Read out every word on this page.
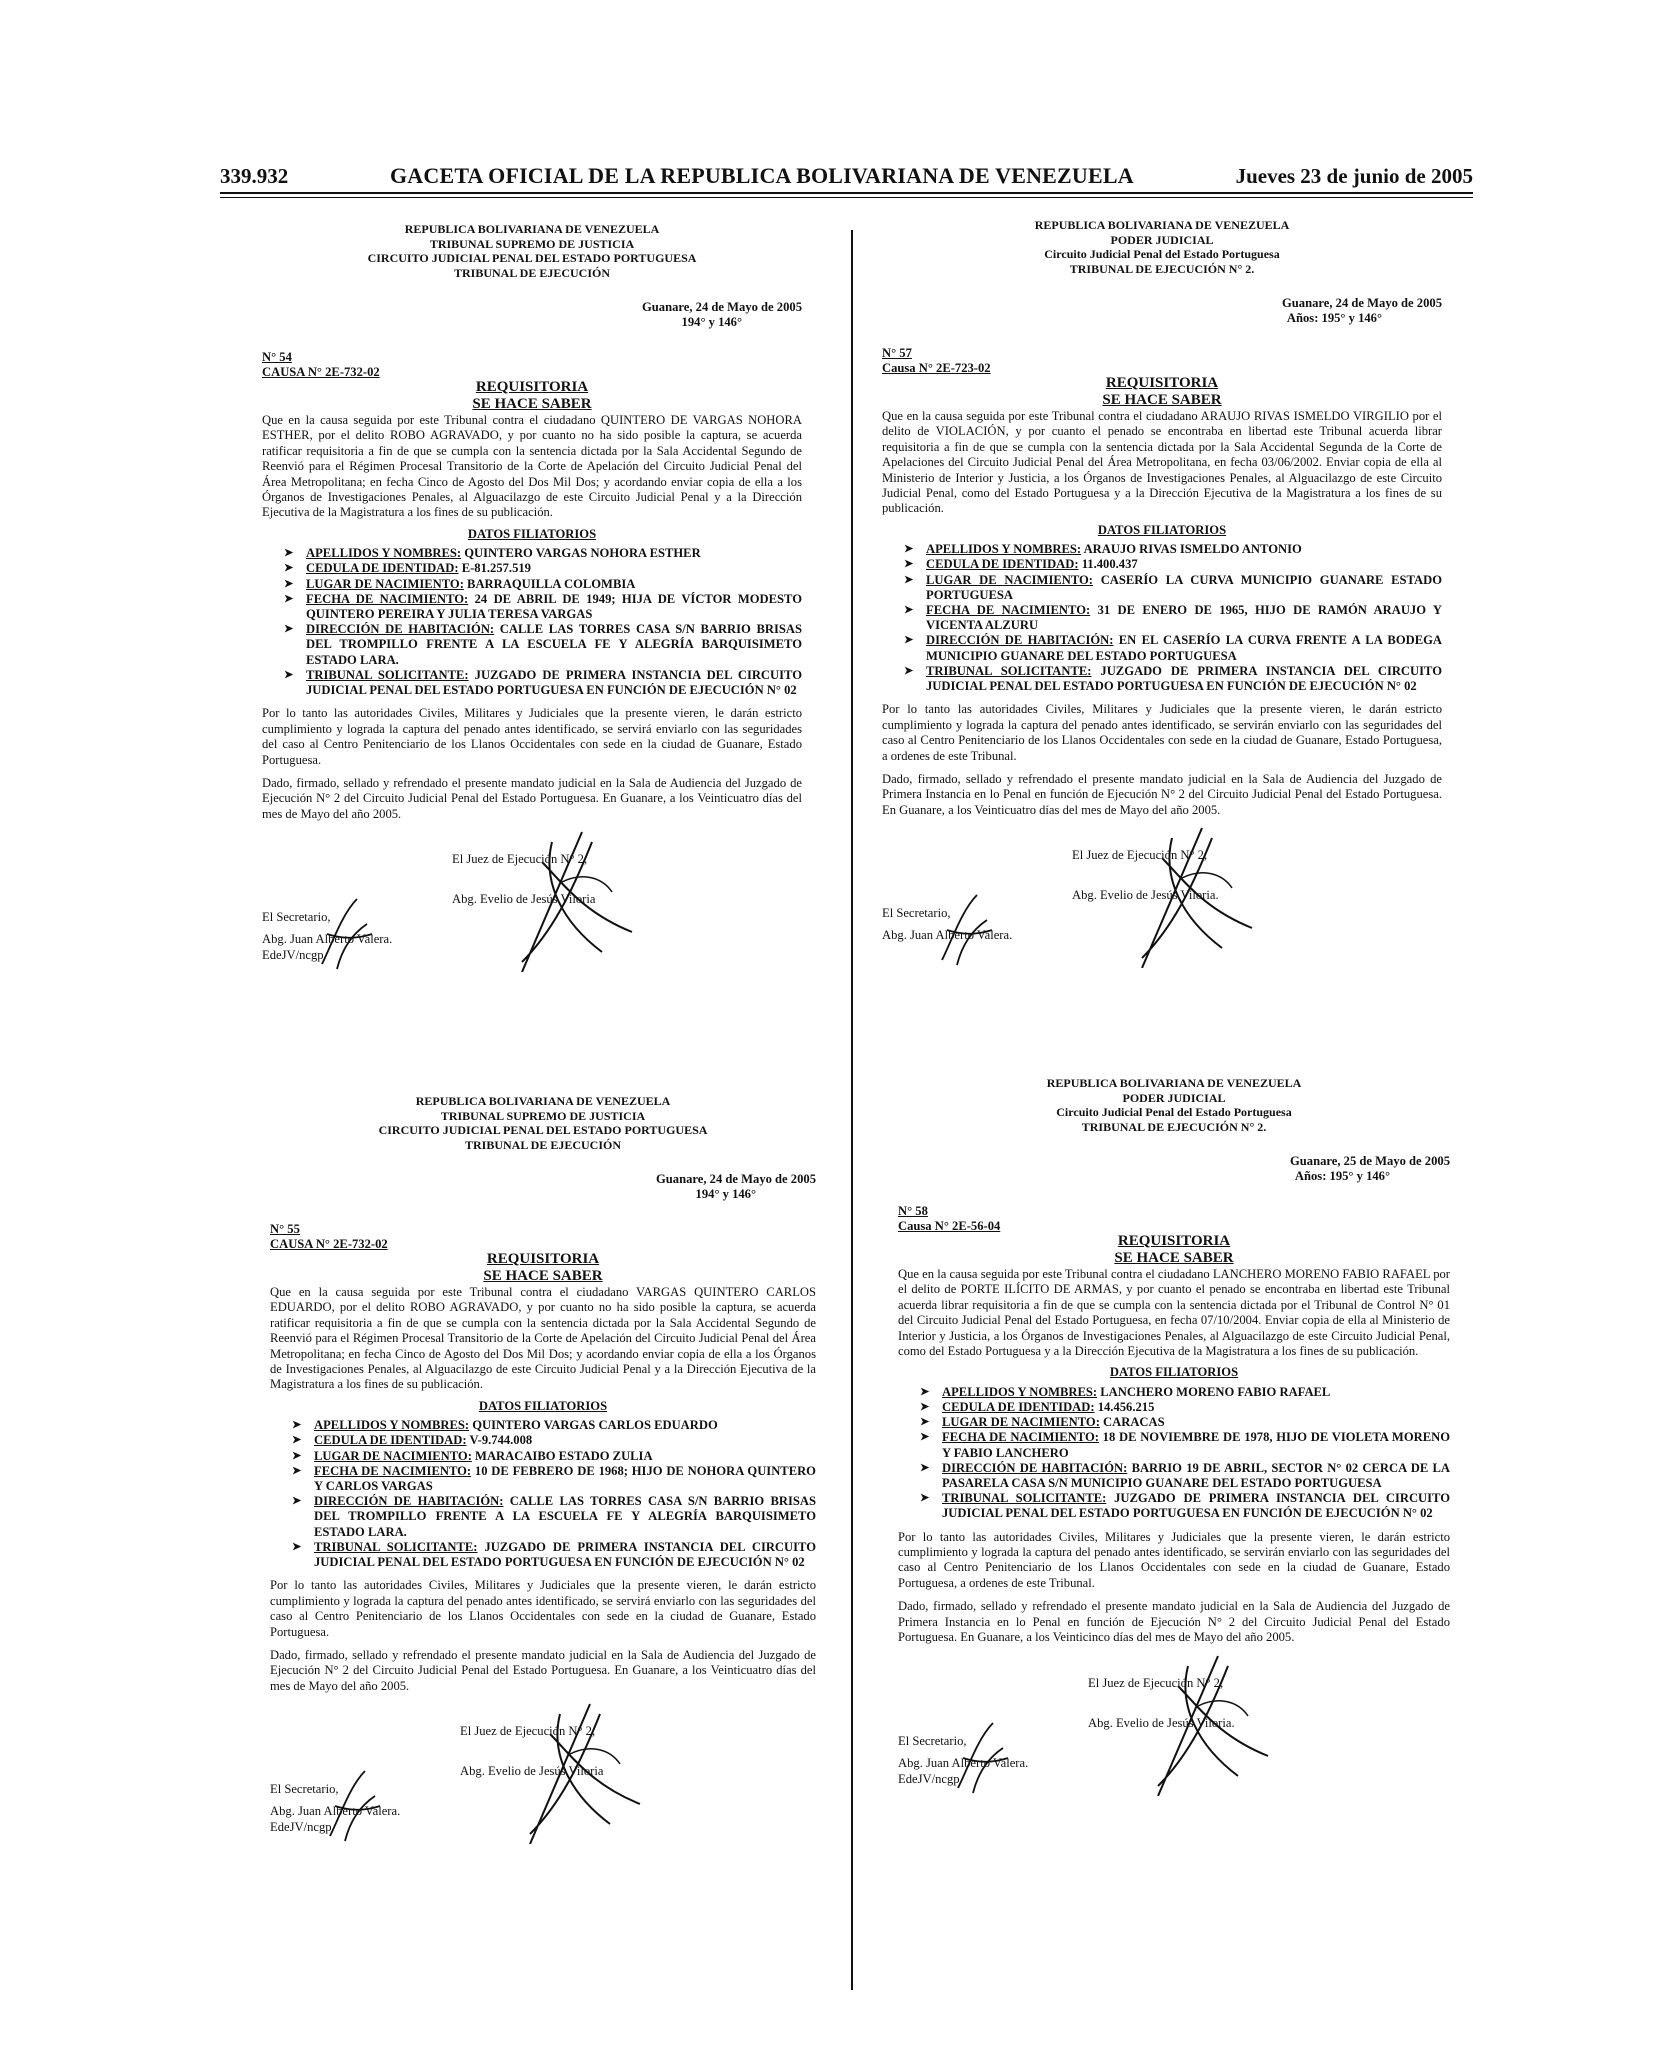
339.932	GACETA OFICIAL DE LA REPUBLICA BOLIVARIANA DE VENEZUELA	Jueves 23 de junio de 2005
REPUBLICA BOLIVARIANA DE VENEZUELA
TRIBUNAL SUPREMO DE JUSTICIA
CIRCUITO JUDICIAL PENAL DEL ESTADO PORTUGUESA
TRIBUNAL DE EJECUCIÓN
Guanare, 24 de Mayo de 2005
194° y 146°
N° 54
CAUSA N° 2E-732-02
REQUISITORIA
SE HACE SABER

Que en la causa seguida por este Tribunal contra el ciudadano QUINTERO DE VARGAS NOHORA ESTHER, por el delito ROBO AGRAVADO, y por cuanto no ha sido posible la captura, se acuerda ratificar requisitoria a fin de que se cumpla con la sentencia dictada por la Sala Accidental Segundo de Reenvió para el Régimen Procesal Transitorio de la Corte de Apelación del Circuito Judicial Penal del Área Metropolitana; en fecha Cinco de Agosto del Dos Mil Dos; y acordando enviar copia de ella a los Órganos de Investigaciones Penales, al Alguacilazgo de este Circuito Judicial Penal y a la Dirección Ejecutiva de la Magistratura a los fines de su publicación.

DATOS FILIATORIOS
➤ APELLIDOS Y NOMBRES: QUINTERO VARGAS NOHORA ESTHER
➤ CEDULA DE IDENTIDAD: E-81.257.519
➤ LUGAR DE NACIMIENTO: BARRAQUILLA COLOMBIA
➤ FECHA DE NACIMIENTO: 24 DE ABRIL DE 1949; HIJA DE VÍCTOR MODESTO QUINTERO PEREIRA Y JULIA TERESA VARGAS
➤ DIRECCIÓN DE HABITACIÓN: CALLE LAS TORRES CASA S/N BARRIO BRISAS DEL TROMPILLO FRENTE A LA ESCUELA FE Y ALEGRÍA BARQUISIMETO ESTADO LARA.
➤ TRIBUNAL SOLICITANTE: JUZGADO DE PRIMERA INSTANCIA DEL CIRCUITO JUDICIAL PENAL DEL ESTADO PORTUGUESA EN FUNCIÓN DE EJECUCIÓN N° 02

Por lo tanto las autoridades Civiles, Militares y Judiciales que la presente vieren, le darán estricto cumplimiento y lograda la captura del penado antes identificado, se servirá enviarlo con las seguridades del caso al Centro Penitenciario de los Llanos Occidentales con sede en la ciudad de Guanare, Estado Portuguesa.

Dado, firmado, sellado y refrendado el presente mandato judicial en la Sala de Audiencia del Juzgado de Ejecución N° 2 del Circuito Judicial Penal del Estado Portuguesa. En Guanare, a los Veinticuatro días del mes de Mayo del año 2005.

El Juez de Ejecución N° 2,
Abg. Evelio de Jesús Viloria
El Secretario,
Abg. Juan Alberto Valera.
EdeJV/ncgp
REPUBLICA BOLIVARIANA DE VENEZUELA
TRIBUNAL SUPREMO DE JUSTICIA
CIRCUITO JUDICIAL PENAL DEL ESTADO PORTUGUESA
TRIBUNAL DE EJECUCIÓN
Guanare, 24 de Mayo de 2005
194° y 146°
N° 55
CAUSA N° 2E-732-02
REQUISITORIA
SE HACE SABER

Que en la causa seguida por este Tribunal contra el ciudadano VARGAS QUINTERO CARLOS EDUARDO, por el delito ROBO AGRAVADO, y por cuanto no ha sido posible la captura, se acuerda ratificar requisitoria a fin de que se cumpla con la sentencia dictada por la Sala Accidental Segundo de Reenvió para el Régimen Procesal Transitorio de la Corte de Apelación del Circuito Judicial Penal del Área Metropolitana; en fecha Cinco de Agosto del Dos Mil Dos; y acordando enviar copia de ella a los Órganos de Investigaciones Penales, al Alguacilazgo de este Circuito Judicial Penal y a la Dirección Ejecutiva de la Magistratura a los fines de su publicación.

DATOS FILIATORIOS
➤ APELLIDOS Y NOMBRES: QUINTERO VARGAS CARLOS EDUARDO
➤ CEDULA DE IDENTIDAD: V-9.744.008
➤ LUGAR DE NACIMIENTO: MARACAIBO ESTADO ZULIA
➤ FECHA DE NACIMIENTO: 10 DE FEBRERO DE 1968; HIJO DE NOHORA QUINTERO Y CARLOS VARGAS
➤ DIRECCIÓN DE HABITACIÓN: CALLE LAS TORRES CASA S/N BARRIO BRISAS DEL TROMPILLO FRENTE A LA ESCUELA FE Y ALEGRÍA BARQUISIMETO ESTADO LARA.
➤ TRIBUNAL SOLICITANTE: JUZGADO DE PRIMERA INSTANCIA DEL CIRCUITO JUDICIAL PENAL DEL ESTADO PORTUGUESA EN FUNCIÓN DE EJECUCIÓN N° 02

Por lo tanto las autoridades Civiles, Militares y Judiciales que la presente vieren, le darán estricto cumplimiento y lograda la captura del penado antes identificado, se servirá enviarlo con las seguridades del caso al Centro Penitenciario de los Llanos Occidentales con sede en la ciudad de Guanare, Estado Portuguesa.

Dado, firmado, sellado y refrendado el presente mandato judicial en la Sala de Audiencia del Juzgado de Ejecución N° 2 del Circuito Judicial Penal del Estado Portuguesa. En Guanare, a los Veinticuatro días del mes de Mayo del año 2005.

El Juez de Ejecución N° 2,
Abg. Evelio de Jesús Viloria
El Secretario,
Abg. Juan Alberto Valera.
EdeJV/ncgp
REPUBLICA BOLIVARIANA DE VENEZUELA
PODER JUDICIAL
Circuito Judicial Penal del Estado Portuguesa
TRIBUNAL DE EJECUCIÓN N° 2.
Guanare, 24 de Mayo de 2005
Años: 195° y 146°
N° 57
Causa N° 2E-723-02
REQUISITORIA
SE HACE SABER

Que en la causa seguida por este Tribunal contra el ciudadano ARAUJO RIVAS ISMELDO VIRGILIO por el delito de VIOLACIÓN, y por cuanto el penado se encontraba en libertad este Tribunal acuerda librar requisitoria a fin de que se cumpla con la sentencia dictada por la Sala Accidental Segunda de la Corte de Apelaciones del Circuito Judicial Penal del Área Metropolitana, en fecha 03/06/2002. Enviar copia de ella al Ministerio de Interior y Justicia, a los Órganos de Investigaciones Penales, al Alguacilazgo de este Circuito Judicial Penal, como del Estado Portuguesa y a la Dirección Ejecutiva de la Magistratura a los fines de su publicación.

DATOS FILIATORIOS
➤ APELLIDOS Y NOMBRES: ARAUJO RIVAS ISMELDO ANTONIO
➤ CEDULA DE IDENTIDAD: 11.400.437
➤ LUGAR DE NACIMIENTO: CASERÍO LA CURVA MUNICIPIO GUANARE ESTADO PORTUGUESA
➤ FECHA DE NACIMIENTO: 31 DE ENERO DE 1965, HIJO DE RAMÓN ARAUJO Y VICENTA ALZURU
➤ DIRECCIÓN DE HABITACIÓN: EN EL CASERÍO LA CURVA FRENTE A LA BODEGA MUNICIPIO GUANARE DEL ESTADO PORTUGUESA
➤ TRIBUNAL SOLICITANTE: JUZGADO DE PRIMERA INSTANCIA DEL CIRCUITO JUDICIAL PENAL DEL ESTADO PORTUGUESA EN FUNCIÓN DE EJECUCIÓN N° 02

Por lo tanto las autoridades Civiles, Militares y Judiciales que la presente vieren, le darán estricto cumplimiento y lograda la captura del penado antes identificado, se servirán enviarlo con las seguridades del caso al Centro Penitenciario de los Llanos Occidentales con sede en la ciudad de Guanare, Estado Portuguesa, a ordenes de este Tribunal.

Dado, firmado, sellado y refrendado el presente mandato judicial en la Sala de Audiencia del Juzgado de Primera Instancia en lo Penal en función de Ejecución N° 2 del Circuito Judicial Penal del Estado Portuguesa. En Guanare, a los Veinticuatro días del mes de Mayo del año 2005.

El Juez de Ejecución N° 2,
Abg. Evelio de Jesús Viloria.
El Secretario,
Abg. Juan Alberto Valera.
REPUBLICA BOLIVARIANA DE VENEZUELA
PODER JUDICIAL
Circuito Judicial Penal del Estado Portuguesa
TRIBUNAL DE EJECUCIÓN N° 2.
Guanare, 25 de Mayo de 2005
Años: 195° y 146°
N° 58
Causa N° 2E-56-04
REQUISITORIA
SE HACE SABER

Que en la causa seguida por este Tribunal contra el ciudadano LANCHERO MORENO FABIO RAFAEL por el delito de PORTE ILÍCITO DE ARMAS, y por cuanto el penado se encontraba en libertad este Tribunal acuerda librar requisitoria a fin de que se cumpla con la sentencia dictada por el Tribunal de Control N° 01 del Circuito Judicial Penal del Estado Portuguesa, en fecha 07/10/2004. Enviar copia de ella al Ministerio de Interior y Justicia, a los Órganos de Investigaciones Penales, al Alguacilazgo de este Circuito Judicial Penal, como del Estado Portuguesa y a la Dirección Ejecutiva de la Magistratura a los fines de su publicación.

DATOS FILIATORIOS
➤ APELLIDOS Y NOMBRES: LANCHERO MORENO FABIO RAFAEL
➤ CEDULA DE IDENTIDAD: 14.456.215
➤ LUGAR DE NACIMIENTO: CARACAS
➤ FECHA DE NACIMIENTO: 18 DE NOVIEMBRE DE 1978, HIJO DE VIOLETA MORENO Y FABIO LANCHERO
➤ DIRECCIÓN DE HABITACIÓN: BARRIO 19 DE ABRIL, SECTOR N° 02 CERCA DE LA PASARELA CASA S/N MUNICIPIO GUANARE DEL ESTADO PORTUGUESA
➤ TRIBUNAL SOLICITANTE: JUZGADO DE PRIMERA INSTANCIA DEL CIRCUITO JUDICIAL PENAL DEL ESTADO PORTUGUESA EN FUNCIÓN DE EJECUCIÓN N° 02

Por lo tanto las autoridades Civiles, Militares y Judiciales que la presente vieren, le darán estricto cumplimiento y lograda la captura del penado antes identificado, se servirán enviarlo con las seguridades del caso al Centro Penitenciario de los Llanos Occidentales con sede en la ciudad de Guanare, Estado Portuguesa, a ordenes de este Tribunal.

Dado, firmado, sellado y refrendado el presente mandato judicial en la Sala de Audiencia del Juzgado de Primera Instancia en lo Penal en función de Ejecución N° 2 del Circuito Judicial Penal del Estado Portuguesa. En Guanare, a los Veinticinco días del mes de Mayo del año 2005.

El Juez de Ejecución N° 2,
Abg. Evelio de Jesús Viloria.
El Secretario,
Abg. Juan Alberto Valera.
EdeJV/ncgp
